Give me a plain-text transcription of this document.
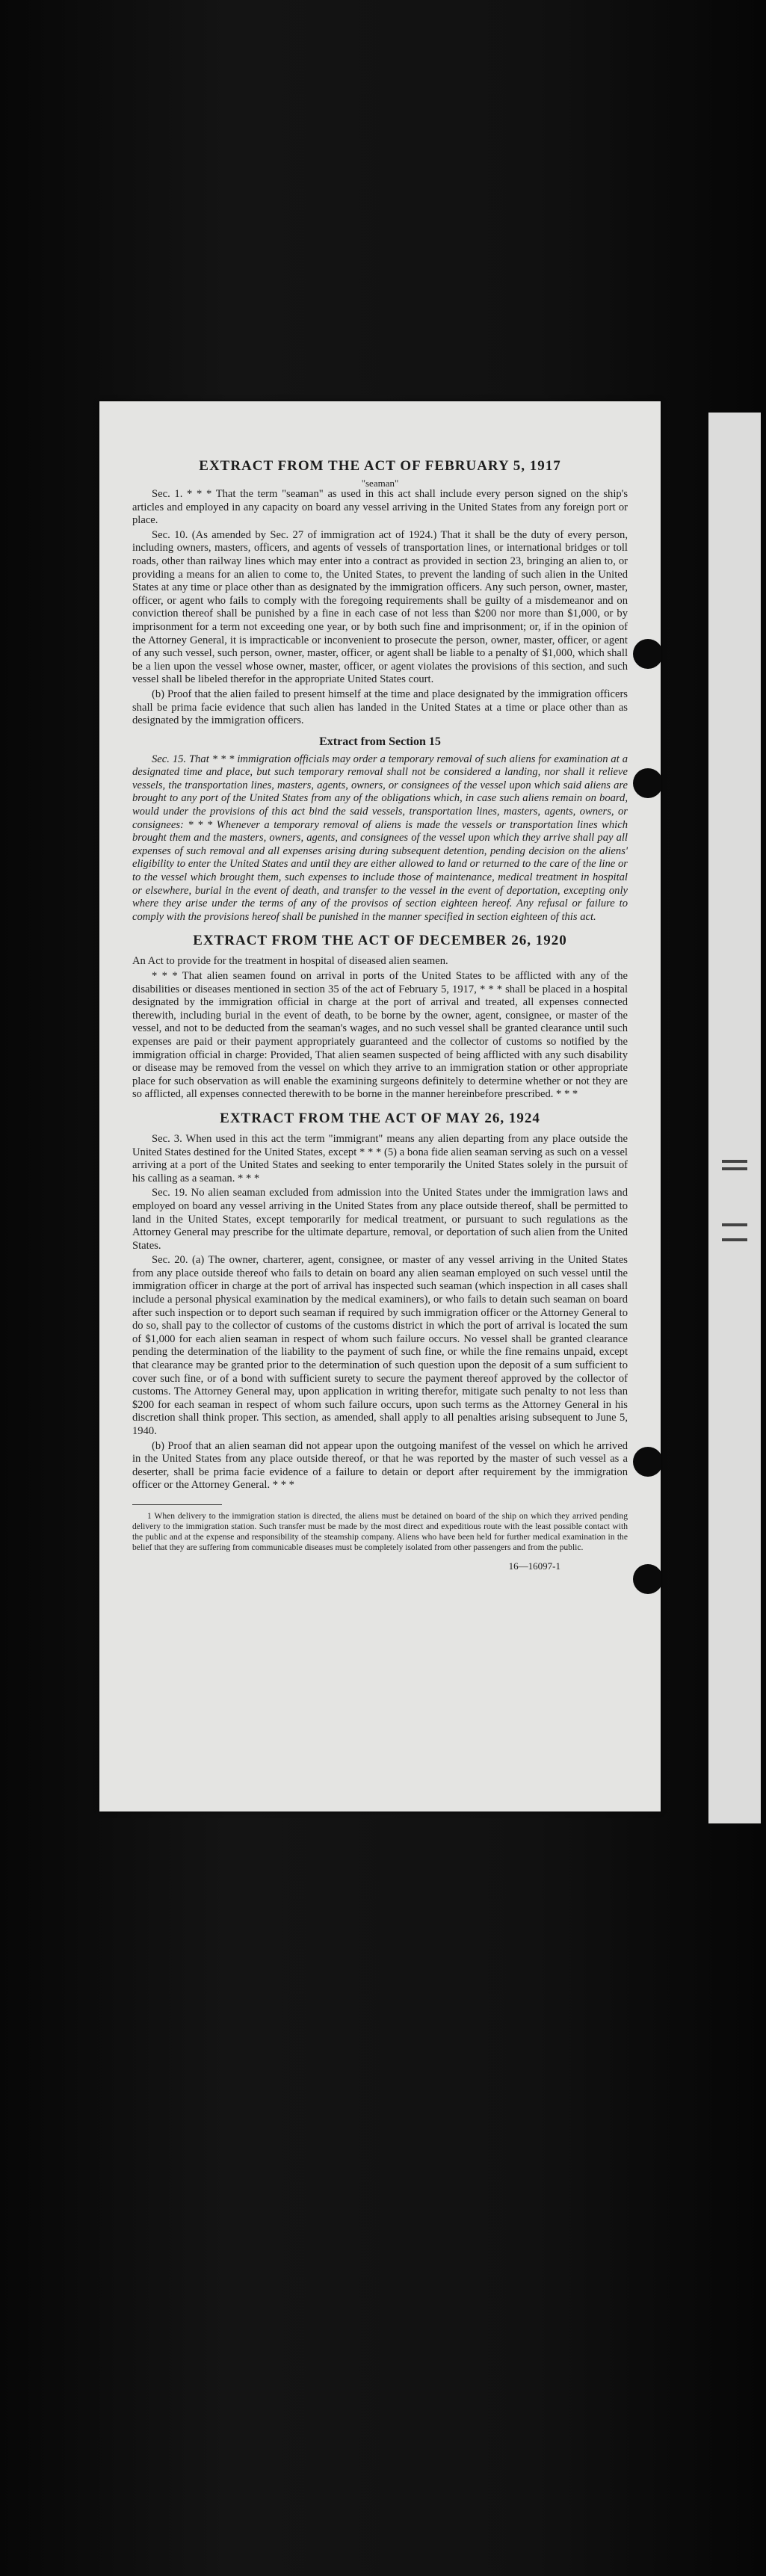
EXTRACT FROM THE ACT OF FEBRUARY 5, 1917
"seaman"

Sec. 1. * * * That the term "seaman" as used in this act shall include every person signed on the ship's articles and employed in any capacity on board any vessel arriving in the United States from any foreign port or place.

Sec. 10. (As amended by Sec. 27 of immigration act of 1924.) That it shall be the duty of every person, including owners, masters, officers, and agents of vessels of transportation lines, or international bridges or toll roads, other than railway lines which may enter into a contract as provided in section 23, bringing an alien to, or providing a means for an alien to come to, the United States, to prevent the landing of such alien in the United States at any time or place other than as designated by the immigration officers. Any such person, owner, master, officer, or agent who fails to comply with the foregoing requirements shall be guilty of a misdemeanor and on conviction thereof shall be punished by a fine in each case of not less than $200 nor more than $1,000, or by imprisonment for a term not exceeding one year, or by both such fine and imprisonment; or, if in the opinion of the Attorney General, it is impracticable or inconvenient to prosecute the person, owner, master, officer, or agent of any such vessel, such person, owner, master, officer, or agent shall be liable to a penalty of $1,000, which shall be a lien upon the vessel whose owner, master, officer, or agent violates the provisions of this section, and such vessel shall be libeled therefor in the appropriate United States court.

(b) Proof that the alien failed to present himself at the time and place designated by the immigration officers shall be prima facie evidence that such alien has landed in the United States at a time or place other than as designated by the immigration officers.

Extract from Section 15

Sec. 15. That * * * immigration officials may order a temporary removal of such aliens for examination at a designated time and place, but such temporary removal shall not be considered a landing, nor shall it relieve vessels, the transportation lines, masters, agents, owners, or consignees of the vessel upon which said aliens are brought to any port of the United States from any of the obligations which, in case such aliens remain on board, would under the provisions of this act bind the said vessels, transportation lines, masters, agents, owners, or consignees: * * * Whenever a temporary removal of aliens is made the vessels or transportation lines which brought them and the masters, owners, agents, and consignees of the vessel upon which they arrive shall pay all expenses of such removal and all expenses arising during subsequent detention, pending decision on the aliens' eligibility to enter the United States and until they are either allowed to land or returned to the care of the line or to the vessel which brought them, such expenses to include those of maintenance, medical treatment in hospital or elsewhere, burial in the event of death, and transfer to the vessel in the event of deportation, excepting only where they arise under the terms of any of the provisos of section eighteen hereof. Any refusal or failure to comply with the provisions hereof shall be punished in the manner specified in section eighteen of this act.

EXTRACT FROM THE ACT OF DECEMBER 26, 1920

An Act to provide for the treatment in hospital of diseased alien seamen.

* * * That alien seamen found on arrival in ports of the United States to be afflicted with any of the disabilities or diseases mentioned in section 35 of the act of February 5, 1917, * * * shall be placed in a hospital designated by the immigration official in charge at the port of arrival and treated, all expenses connected therewith, including burial in the event of death, to be borne by the owner, agent, consignee, or master of the vessel, and not to be deducted from the seaman's wages, and no such vessel shall be granted clearance until such expenses are paid or their payment appropriately guaranteed and the collector of customs so notified by the immigration official in charge: Provided, That alien seamen suspected of being afflicted with any such disability or disease may be removed from the vessel on which they arrive to an immigration station or other appropriate place for such observation as will enable the examining surgeons definitely to determine whether or not they are so afflicted, all expenses connected therewith to be borne in the manner hereinbefore prescribed. * * *

EXTRACT FROM THE ACT OF MAY 26, 1924

Sec. 3. When used in this act the term "immigrant" means any alien departing from any place outside the United States destined for the United States, except * * * (5) a bona fide alien seaman serving as such on a vessel arriving at a port of the United States and seeking to enter temporarily the United States solely in the pursuit of his calling as a seaman. * * *

Sec. 19. No alien seaman excluded from admission into the United States under the immigration laws and employed on board any vessel arriving in the United States from any place outside thereof, shall be permitted to land in the United States, except temporarily for medical treatment, or pursuant to such regulations as the Attorney General may prescribe for the ultimate departure, removal, or deportation of such alien from the United States.

Sec. 20. (a) The owner, charterer, agent, consignee, or master of any vessel arriving in the United States from any place outside thereof who fails to detain on board any alien seaman employed on such vessel until the immigration officer in charge at the port of arrival has inspected such seaman (which inspection in all cases shall include a personal physical examination by the medical examiners), or who fails to detain such seaman on board after such inspection or to deport such seaman if required by such immigration officer or the Attorney General to do so, shall pay to the collector of customs of the customs district in which the port of arrival is located the sum of $1,000 for each alien seaman in respect of whom such failure occurs. No vessel shall be granted clearance pending the determination of the liability to the payment of such fine, or while the fine remains unpaid, except that clearance may be granted prior to the determination of such question upon the deposit of a sum sufficient to cover such fine, or of a bond with sufficient surety to secure the payment thereof approved by the collector of customs. The Attorney General may, upon application in writing therefor, mitigate such penalty to not less than $200 for each seaman in respect of whom such failure occurs, upon such terms as the Attorney General in his discretion shall think proper. This section, as amended, shall apply to all penalties arising subsequent to June 5, 1940.

(b) Proof that an alien seaman did not appear upon the outgoing manifest of the vessel on which he arrived in the United States from any place outside thereof, or that he was reported by the master of such vessel as a deserter, shall be prima facie evidence of a failure to detain or deport after requirement by the immigration officer or the Attorney General. * * *

1 When delivery to the immigration station is directed, the aliens must be detained on board of the ship on which they arrived pending delivery to the immigration station. Such transfer must be made by the most direct and expeditious route with the least possible contact with the public and at the expense and responsibility of the steamship company. Aliens who have been held for further medical examination in the belief that they are suffering from communicable diseases must be completely isolated from other passengers and from the public.

16—16097-1
